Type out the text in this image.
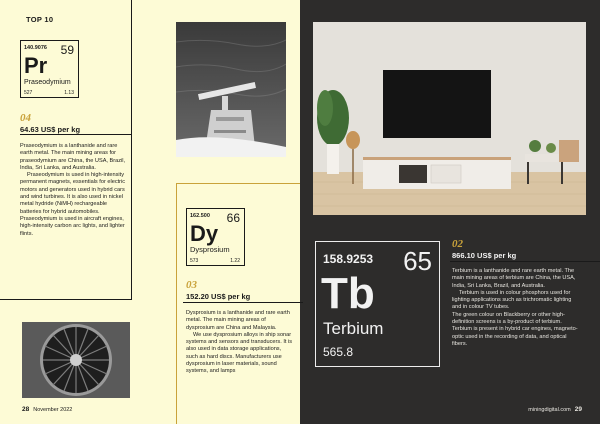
TOP 10
140.9076 59
Pr
Praseodymium
527	1.13
04
64.63 US$ per kg

Praseodymium is a lanthanide and rare earth metal. The main mining areas for praseodymium are China, the USA, Brazil, India, Sri Lanka, and Australia.

Praseodymium is used in high-intensity permanent magnets, essentials for electric motors and generators used in hybrid cars and wind turbines. It is also used in nickel metal hydride (NiMH) rechargeable batteries for hybrid automobiles. Praseodymium is used in aircraft engines, high-intensity carbon arc lights, and lighter flints.

162.500 66
Dy
Dysprosium
573	1.22
03
152.20 US$ per kg

Dysprosium is a lanthanide and rare earth metal. The main mining areas of dysprosium are China and Malaysia.

We use dysprosium alloys in ship sonar systems and sensors and transducers. It is also used in data storage applications, such as hard discs. Manufacturers use dysprosium in laser materials, sound systems, and lamps

158.9253 65
Tb
Terbium
565.8
02
866.10 US$ per kg

Terbium is a lanthanide and rare earth metal. The main mining areas of terbium are China, the USA, India, Sri Lanka, Brazil, and Australia.

Terbium is used in colour phosphors used for lighting applications such as trichromatic lighting and in colour TV tubes.

The green colour on Blackberry or other high-definition screens is a by-product of terbium. Terbium is present in hybrid car engines, magneto-optic used in the recording of data, and optical fibers.

28 November 2022	miningdigital.com 29
